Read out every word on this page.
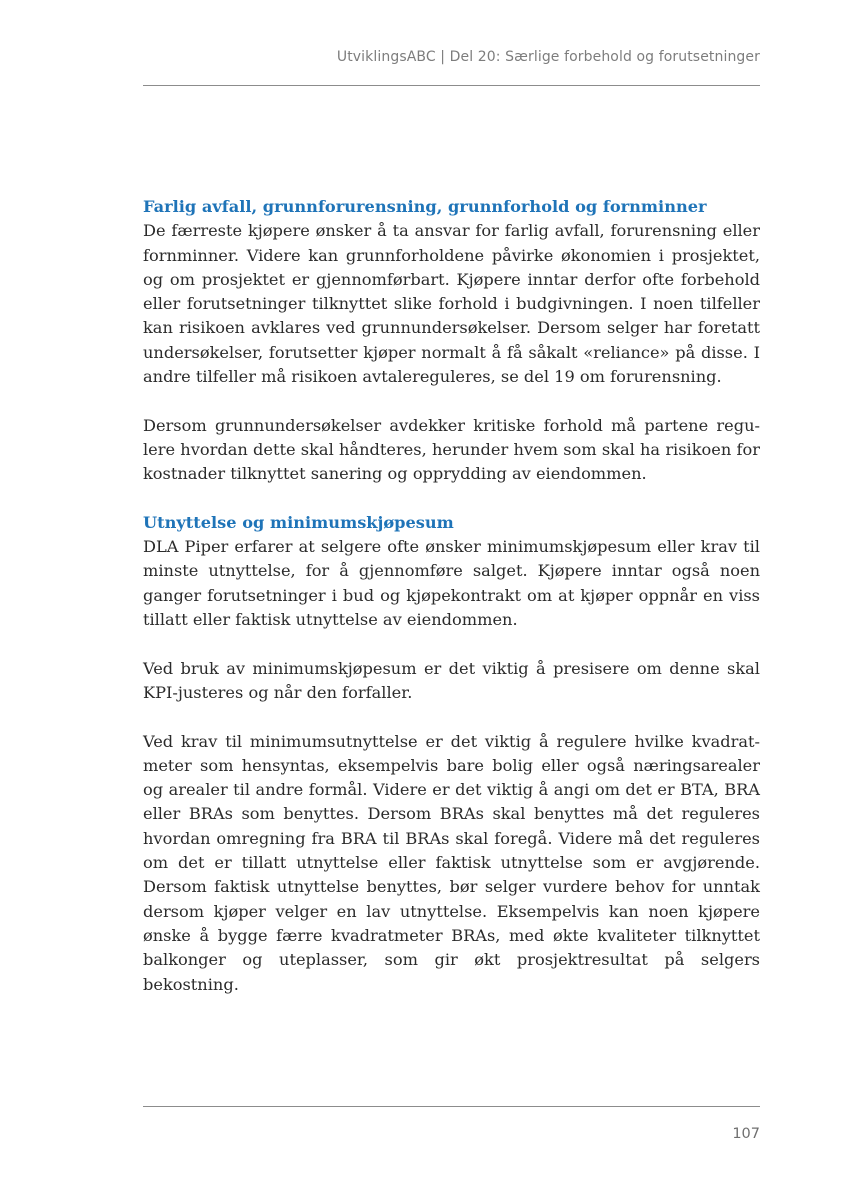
UtviklingsABC | Del 20: Særlige forbehold og forutsetninger
Farlig avfall, grunnforurensning, grunnforhold og fornminner

De færreste kjøpere ønsker å ta ansvar for farlig avfall, forurensning eller fornminner. Videre kan grunnforholdene påvirke økonomien i prosjektet, og om prosjektet er gjennomførbart. Kjøpere inntar derfor ofte forbehold eller forutsetninger tilknyttet slike forhold i budgivningen. I noen tilfeller kan risikoen avklares ved grunnundersøkelser. Dersom selger har foretatt undersøkelser, forutsetter kjøper normalt å få såkalt «reliance» på disse. I andre tilfeller må risikoen avtalereguleres, se del 19 om forurensning.

Dersom grunnundersøkelser avdekker kritiske forhold må partene regulere hvordan dette skal håndteres, herunder hvem som skal ha risikoen for kostnader tilknyttet sanering og opprydding av eiendommen.

Utnyttelse og minimumskjøpesum

DLA Piper erfarer at selgere ofte ønsker minimumskjøpesum eller krav til minste utnyttelse, for å gjennomføre salget. Kjøpere inntar også noen ganger forutsetninger i bud og kjøpekontrakt om at kjøper oppnår en viss tillatt eller faktisk utnyttelse av eiendommen.

Ved bruk av minimumskjøpesum er det viktig å presisere om denne skal KPI-justeres og når den forfaller.

Ved krav til minimumsutnyttelse er det viktig å regulere hvilke kvadratmeter som hensyntas, eksempelvis bare bolig eller også næringsarealer og arealer til andre formål. Videre er det viktig å angi om det er BTA, BRA eller BRAs som benyttes. Dersom BRAs skal benyttes må det reguleres hvordan omregning fra BRA til BRAs skal foregå. Videre må det reguleres om det er tillatt utnyttelse eller faktisk utnyttelse som er avgjørende. Dersom faktisk utnyttelse benyttes, bør selger vurdere behov for unntak dersom kjøper velger en lav utnyttelse. Eksempelvis kan noen kjøpere ønske å bygge færre kvadratmeter BRAs, med økte kvaliteter tilknyttet balkonger og uteplasser, som gir økt prosjektresultat på selgers bekostning.

107
